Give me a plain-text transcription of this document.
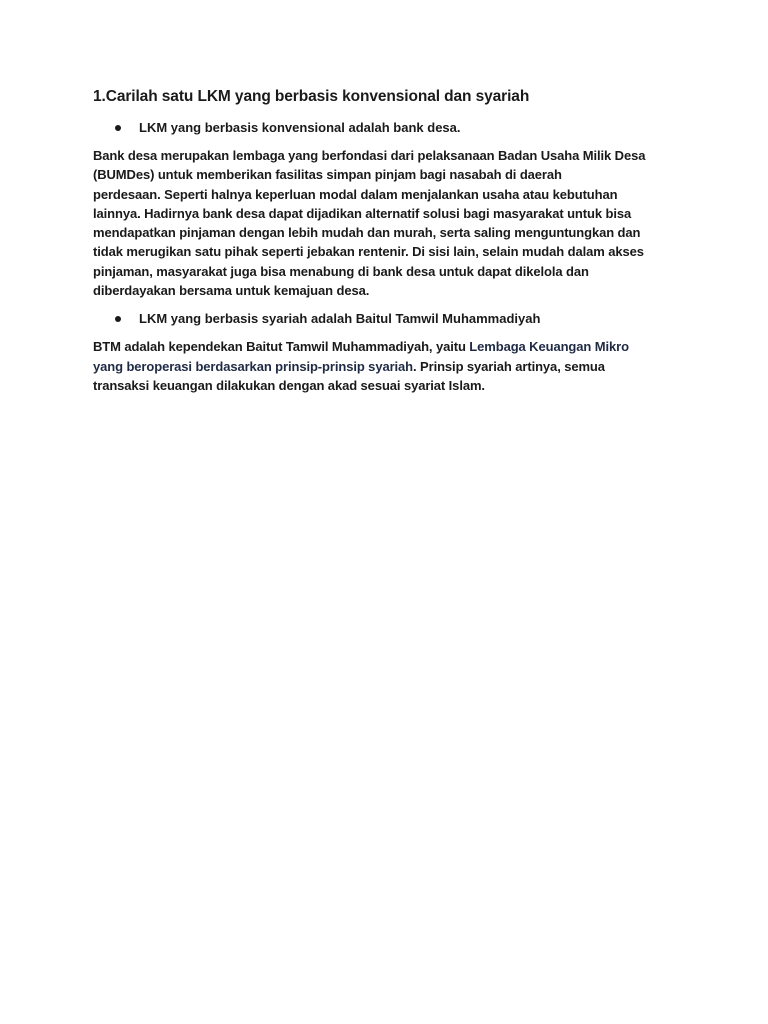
1.Carilah satu LKM yang berbasis konvensional dan syariah
LKM yang berbasis konvensional adalah bank desa.
Bank desa merupakan lembaga yang berfondasi dari pelaksanaan Badan Usaha Milik Desa
(BUMDes) untuk memberikan fasilitas simpan pinjam bagi nasabah di daerah
perdesaan. Seperti halnya keperluan modal dalam menjalankan usaha atau kebutuhan
lainnya. Hadirnya bank desa dapat dijadikan alternatif solusi bagi masyarakat untuk bisa
mendapatkan pinjaman dengan lebih mudah dan murah, serta saling menguntungkan dan
tidak merugikan satu pihak seperti jebakan rentenir. Di sisi lain, selain mudah dalam akses
pinjaman, masyarakat juga bisa menabung di bank desa untuk dapat dikelola dan
diberdayakan bersama untuk kemajuan desa.
LKM yang berbasis syariah adalah Baitul Tamwil Muhammadiyah
BTM adalah kependekan Baitut Tamwil Muhammadiyah, yaitu Lembaga Keuangan Mikro
yang beroperasi berdasarkan prinsip-prinsip syariah. Prinsip syariah artinya, semua
transaksi keuangan dilakukan dengan akad sesuai syariat Islam.
